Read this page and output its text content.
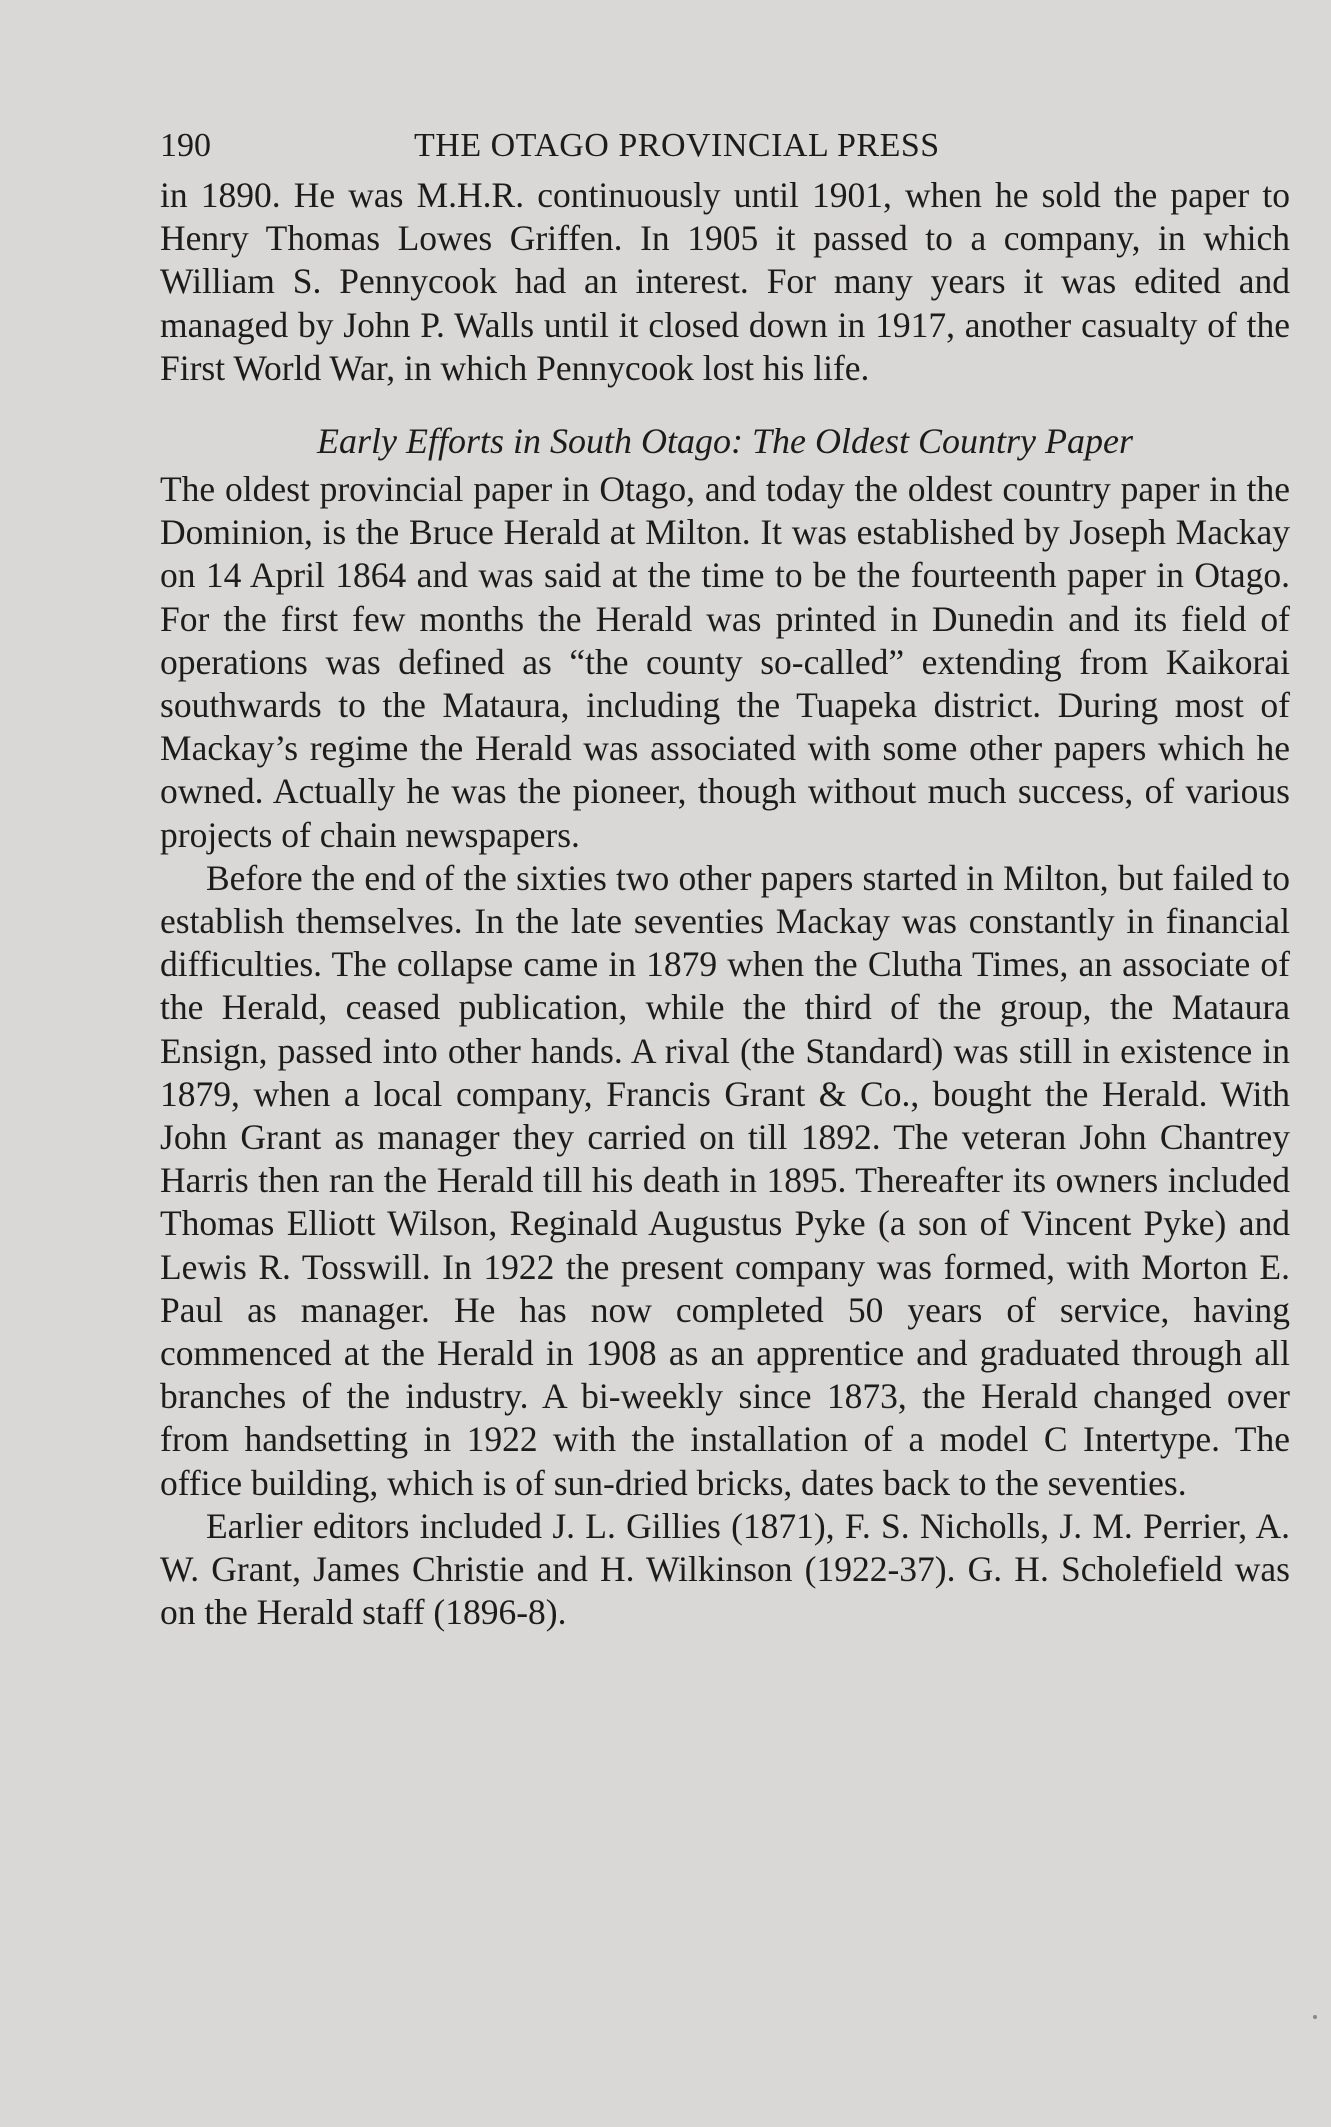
190	THE OTAGO PROVINCIAL PRESS

in 1890. He was M.H.R. continuously until 1901, when he sold the paper to Henry Thomas Lowes Griffen. In 1905 it passed to a company, in which William S. Pennycook had an interest. For many years it was edited and managed by John P. Walls until it closed down in 1917, another casualty of the First World War, in which Pennycook lost his life.

Early Efforts in South Otago: The Oldest Country Paper

The oldest provincial paper in Otago, and today the oldest country paper in the Dominion, is the Bruce Herald at Milton. It was established by Joseph Mackay on 14 April 1864 and was said at the time to be the fourteenth paper in Otago. For the first few months the Herald was printed in Dunedin and its field of operations was defined as “the county so-called” extending from Kaikorai southwards to the Mataura, including the Tuapeka district. During most of Mackay’s regime the Herald was associated with some other papers which he owned. Actually he was the pioneer, though without much success, of various projects of chain newspapers.

Before the end of the sixties two other papers started in Milton, but failed to establish themselves. In the late seventies Mackay was constantly in financial difficulties. The collapse came in 1879 when the Clutha Times, an associate of the Herald, ceased publication, while the third of the group, the Mataura Ensign, passed into other hands. A rival (the Standard) was still in existence in 1879, when a local company, Francis Grant & Co., bought the Herald. With John Grant as manager they carried on till 1892. The veteran John Chantrey Harris then ran the Herald till his death in 1895. Thereafter its owners included Thomas Elliott Wilson, Reginald Augustus Pyke (a son of Vincent Pyke) and Lewis R. Tosswill. In 1922 the present company was formed, with Morton E. Paul as manager. He has now completed 50 years of service, having commenced at the Herald in 1908 as an apprentice and graduated through all branches of the industry. A bi-weekly since 1873, the Herald changed over from handsetting in 1922 with the installation of a model C Intertype. The office building, which is of sun-dried bricks, dates back to the seventies.

Earlier editors included J. L. Gillies (1871), F. S. Nicholls, J. M. Perrier, A. W. Grant, James Christie and H. Wilkinson (1922-37). G. H. Scholefield was on the Herald staff (1896-8).
